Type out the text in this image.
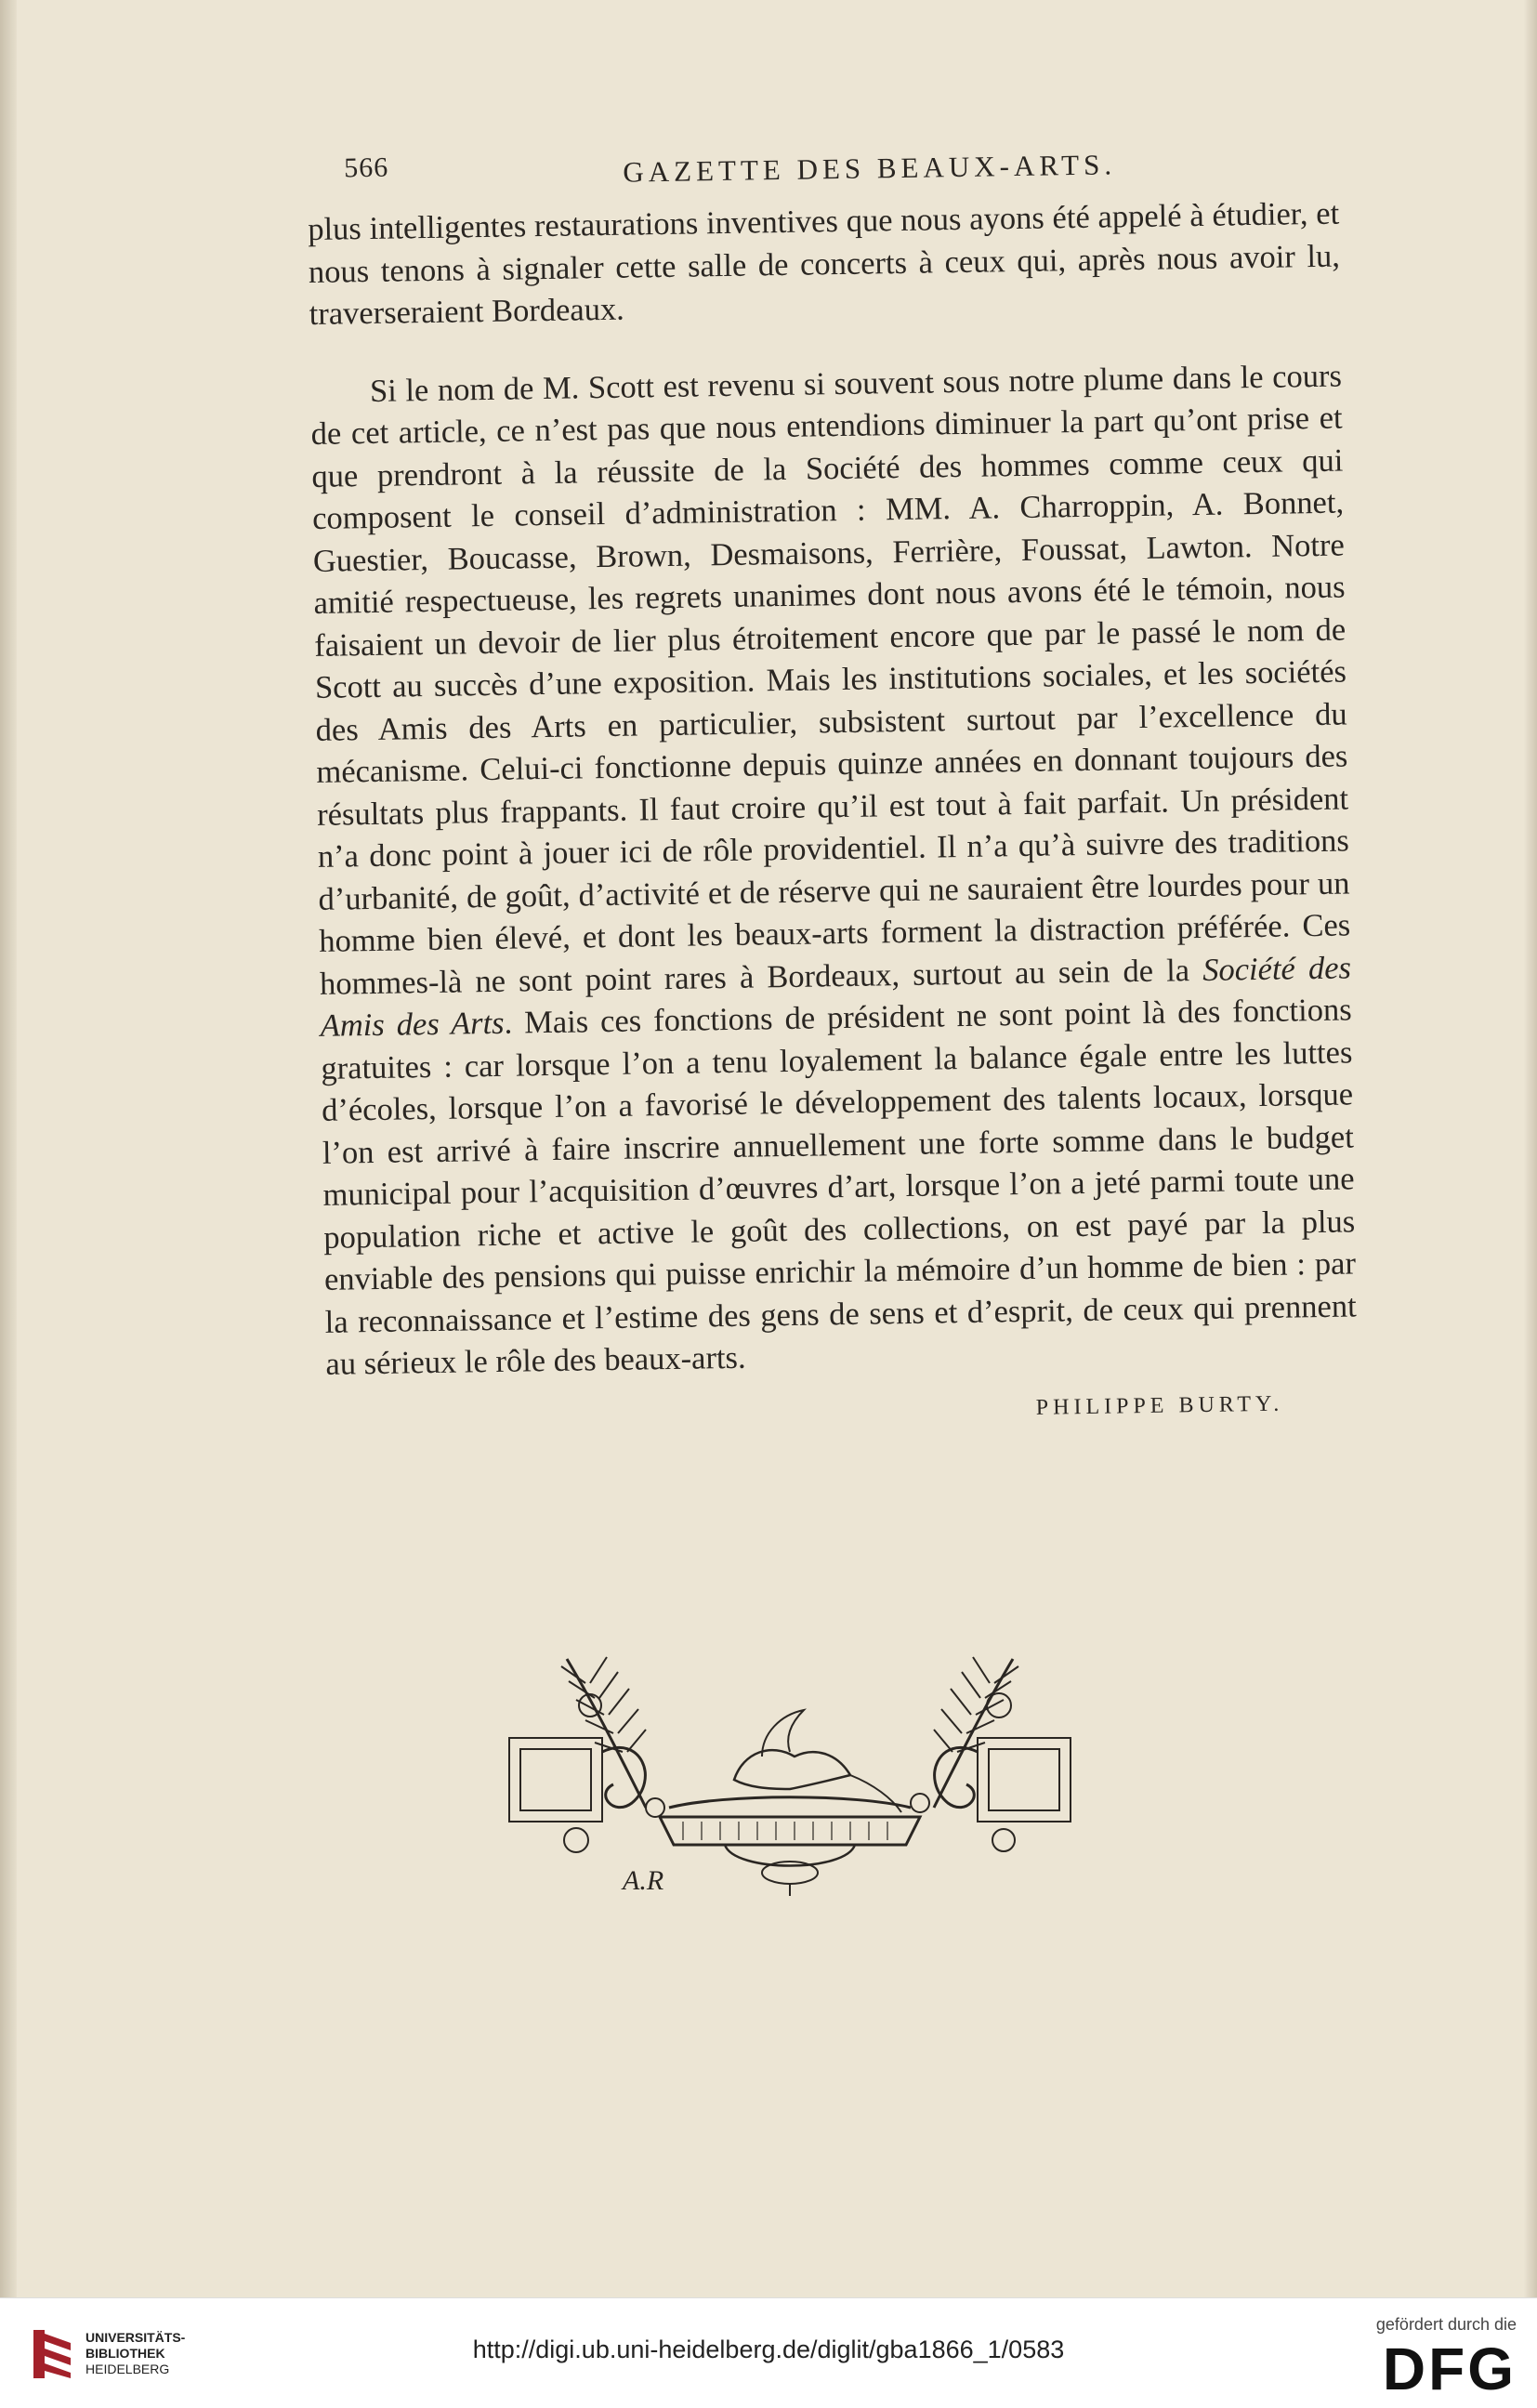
566	GAZETTE DES BEAUX-ARTS.

plus intelligentes restaurations inventives que nous ayons été appelé à étudier, et nous tenons à signaler cette salle de concerts à ceux qui, après nous avoir lu, traverseraient Bordeaux.

Si le nom de M. Scott est revenu si souvent sous notre plume dans le cours de cet article, ce n’est pas que nous entendions diminuer la part qu’ont prise et que prendront à la réussite de la Société des hommes comme ceux qui composent le conseil d’administration : MM. A. Charroppin, A. Bonnet, Guestier, Boucasse, Brown, Desmaisons, Ferrière, Foussat, Lawton. Notre amitié respectueuse, les regrets unanimes dont nous avons été le témoin, nous faisaient un devoir de lier plus étroitement encore que par le passé le nom de Scott au succès d’une exposition. Mais les institutions sociales, et les sociétés des Amis des Arts en particulier, subsistent surtout par l’excellence du mécanisme. Celui-ci fonctionne depuis quinze années en donnant toujours des résultats plus frappants. Il faut croire qu’il est tout à fait parfait. Un président n’a donc point à jouer ici de rôle providentiel. Il n’a qu’à suivre des traditions d’urbanité, de goût, d’activité et de réserve qui ne sauraient être lourdes pour un homme bien élevé, et dont les beaux-arts forment la distraction préférée. Ces hommes-là ne sont point rares à Bordeaux, surtout au sein de la Société des Amis des Arts. Mais ces fonctions de président ne sont point là des fonctions gratuites : car lorsque l’on a tenu loyalement la balance égale entre les luttes d’écoles, lorsque l’on a favorisé le développement des talents locaux, lorsque l’on est arrivé à faire inscrire annuellement une forte somme dans le budget municipal pour l’acquisition d’œuvres d’art, lorsque l’on a jeté parmi toute une population riche et active le goût des collections, on est payé par la plus enviable des pensions qui puisse enrichir la mémoire d’un homme de bien : par la reconnaissance et l’estime des gens de sens et d’esprit, de ceux qui prennent au sérieux le rôle des beaux-arts.

PHILIPPE BURTY.
A.R
UNIVERSITÄTS-
BIBLIOTHEK
HEIDELBERG
http://digi.ub.uni-heidelberg.de/diglit/gba1866_1/0583
gefördert durch die
DFG
